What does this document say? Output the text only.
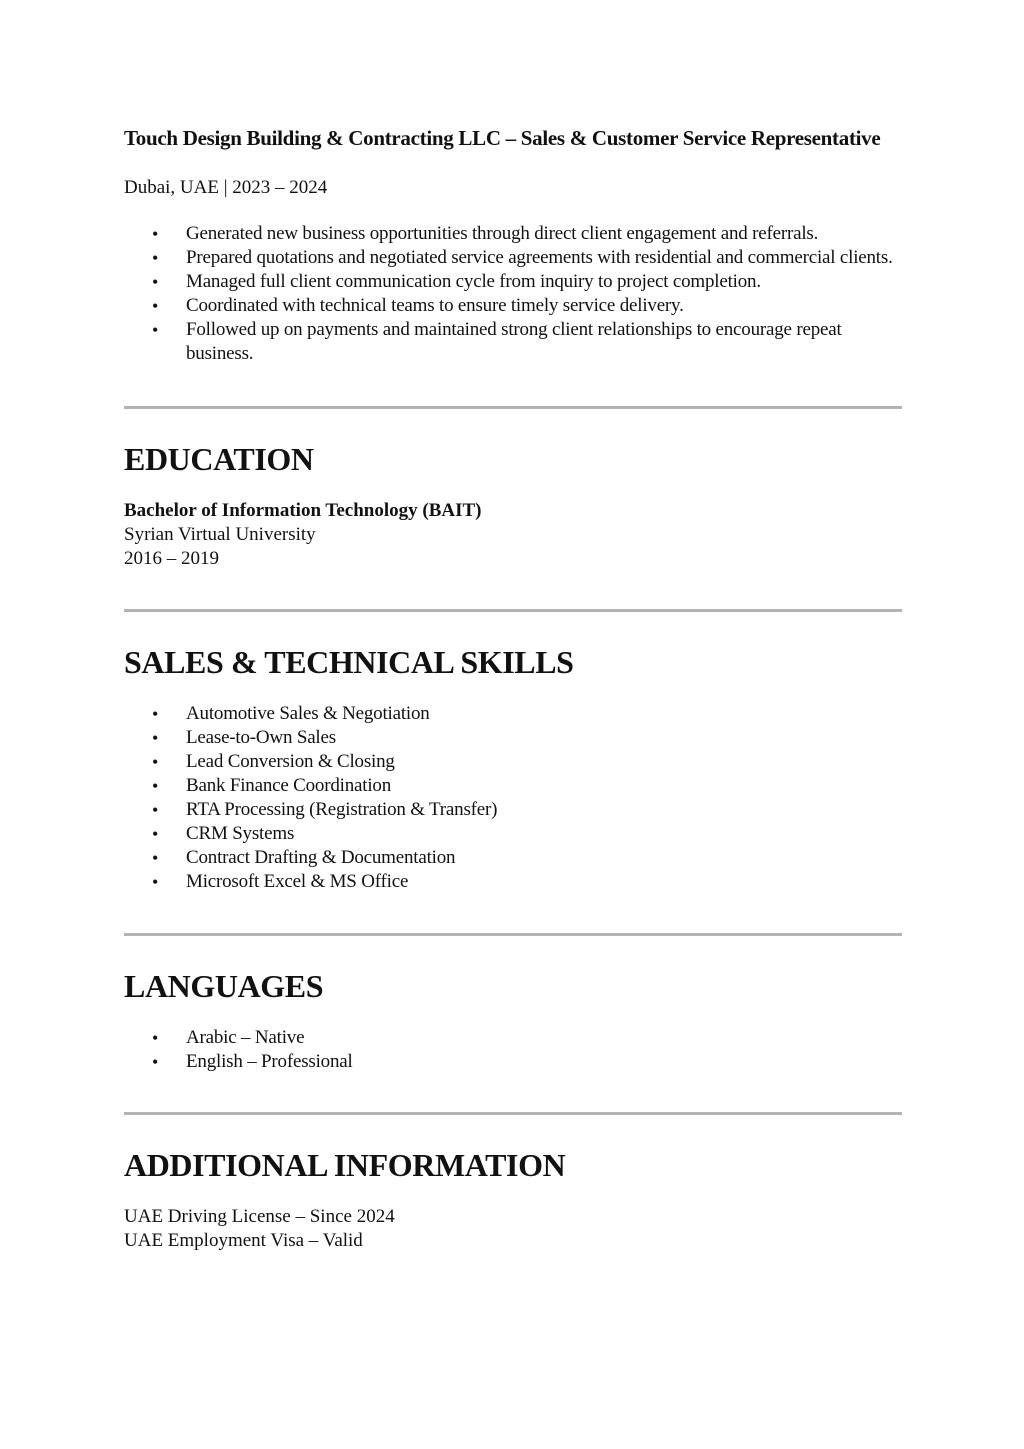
Touch Design Building & Contracting LLC – Sales & Customer Service Representative

Dubai, UAE | 2023 – 2024

• Generated new business opportunities through direct client engagement and referrals.
• Prepared quotations and negotiated service agreements with residential and commercial clients.
• Managed full client communication cycle from inquiry to project completion.
• Coordinated with technical teams to ensure timely service delivery.
• Followed up on payments and maintained strong client relationships to encourage repeat business.
EDUCATION

Bachelor of Information Technology (BAIT)

Syrian Virtual University

2016 – 2019

SALES & TECHNICAL SKILLS
• Automotive Sales & Negotiation
• Lease-to-Own Sales
• Lead Conversion & Closing
• Bank Finance Coordination
• RTA Processing (Registration & Transfer)
• CRM Systems
• Contract Drafting & Documentation
• Microsoft Excel & MS Office
LANGUAGES
• Arabic – Native
• English – Professional
ADDITIONAL INFORMATION

UAE Driving License – Since 2024

UAE Employment Visa – Valid
